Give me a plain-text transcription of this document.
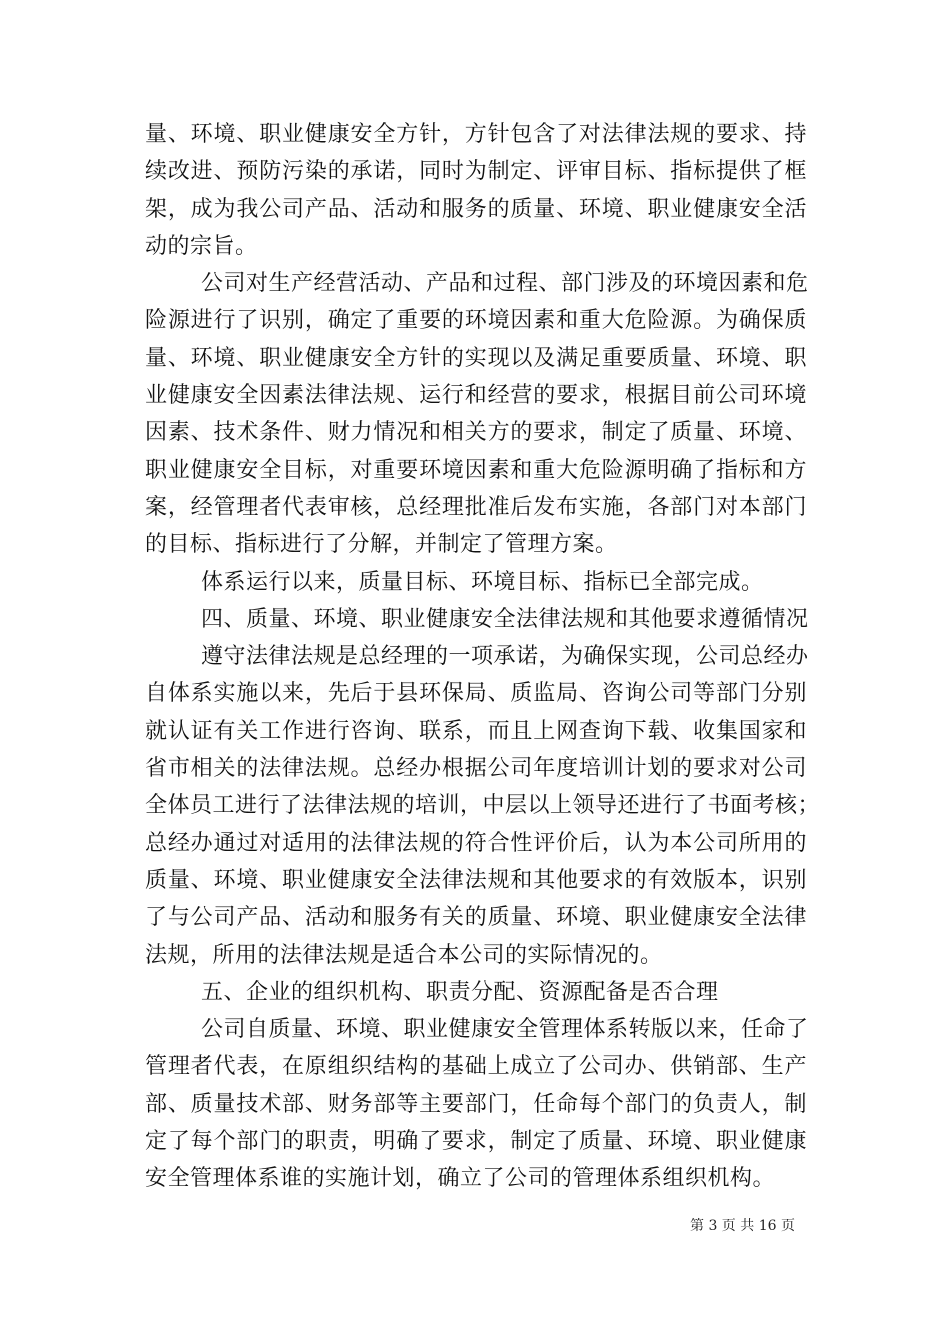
量、环境、职业健康安全方针，方针包含了对法律法规的要求、持
续改进、预防污染的承诺，同时为制定、评审目标、指标提供了框
架，成为我公司产品、活动和服务的质量、环境、职业健康安全活
动的宗旨。
公司对生产经营活动、产品和过程、部门涉及的环境因素和危
险源进行了识别，确定了重要的环境因素和重大危险源。为确保质
量、环境、职业健康安全方针的实现以及满足重要质量、环境、职
业健康安全因素法律法规、运行和经营的要求，根据目前公司环境
因素、技术条件、财力情况和相关方的要求，制定了质量、环境、
职业健康安全目标，对重要环境因素和重大危险源明确了指标和方
案，经管理者代表审核，总经理批准后发布实施，各部门对本部门
的目标、指标进行了分解，并制定了管理方案。
体系运行以来，质量目标、环境目标、指标已全部完成。
四、质量、环境、职业健康安全法律法规和其他要求遵循情况
遵守法律法规是总经理的一项承诺，为确保实现，公司总经办
自体系实施以来，先后于县环保局、质监局、咨询公司等部门分别
就认证有关工作进行咨询、联系，而且上网查询下载、收集国家和
省市相关的法律法规。总经办根据公司年度培训计划的要求对公司
全体员工进行了法律法规的培训，中层以上领导还进行了书面考核；
总经办通过对适用的法律法规的符合性评价后，认为本公司所用的
质量、环境、职业健康安全法律法规和其他要求的有效版本，识别
了与公司产品、活动和服务有关的质量、环境、职业健康安全法律
法规，所用的法律法规是适合本公司的实际情况的。
五、企业的组织机构、职责分配、资源配备是否合理
公司自质量、环境、职业健康安全管理体系转版以来，任命了
管理者代表，在原组织结构的基础上成立了公司办、供销部、生产
部、质量技术部、财务部等主要部门，任命每个部门的负责人，制
定了每个部门的职责，明确了要求，制定了质量、环境、职业健康
安全管理体系谁的实施计划，确立了公司的管理体系组织机构。
第 3 页 共 16 页
